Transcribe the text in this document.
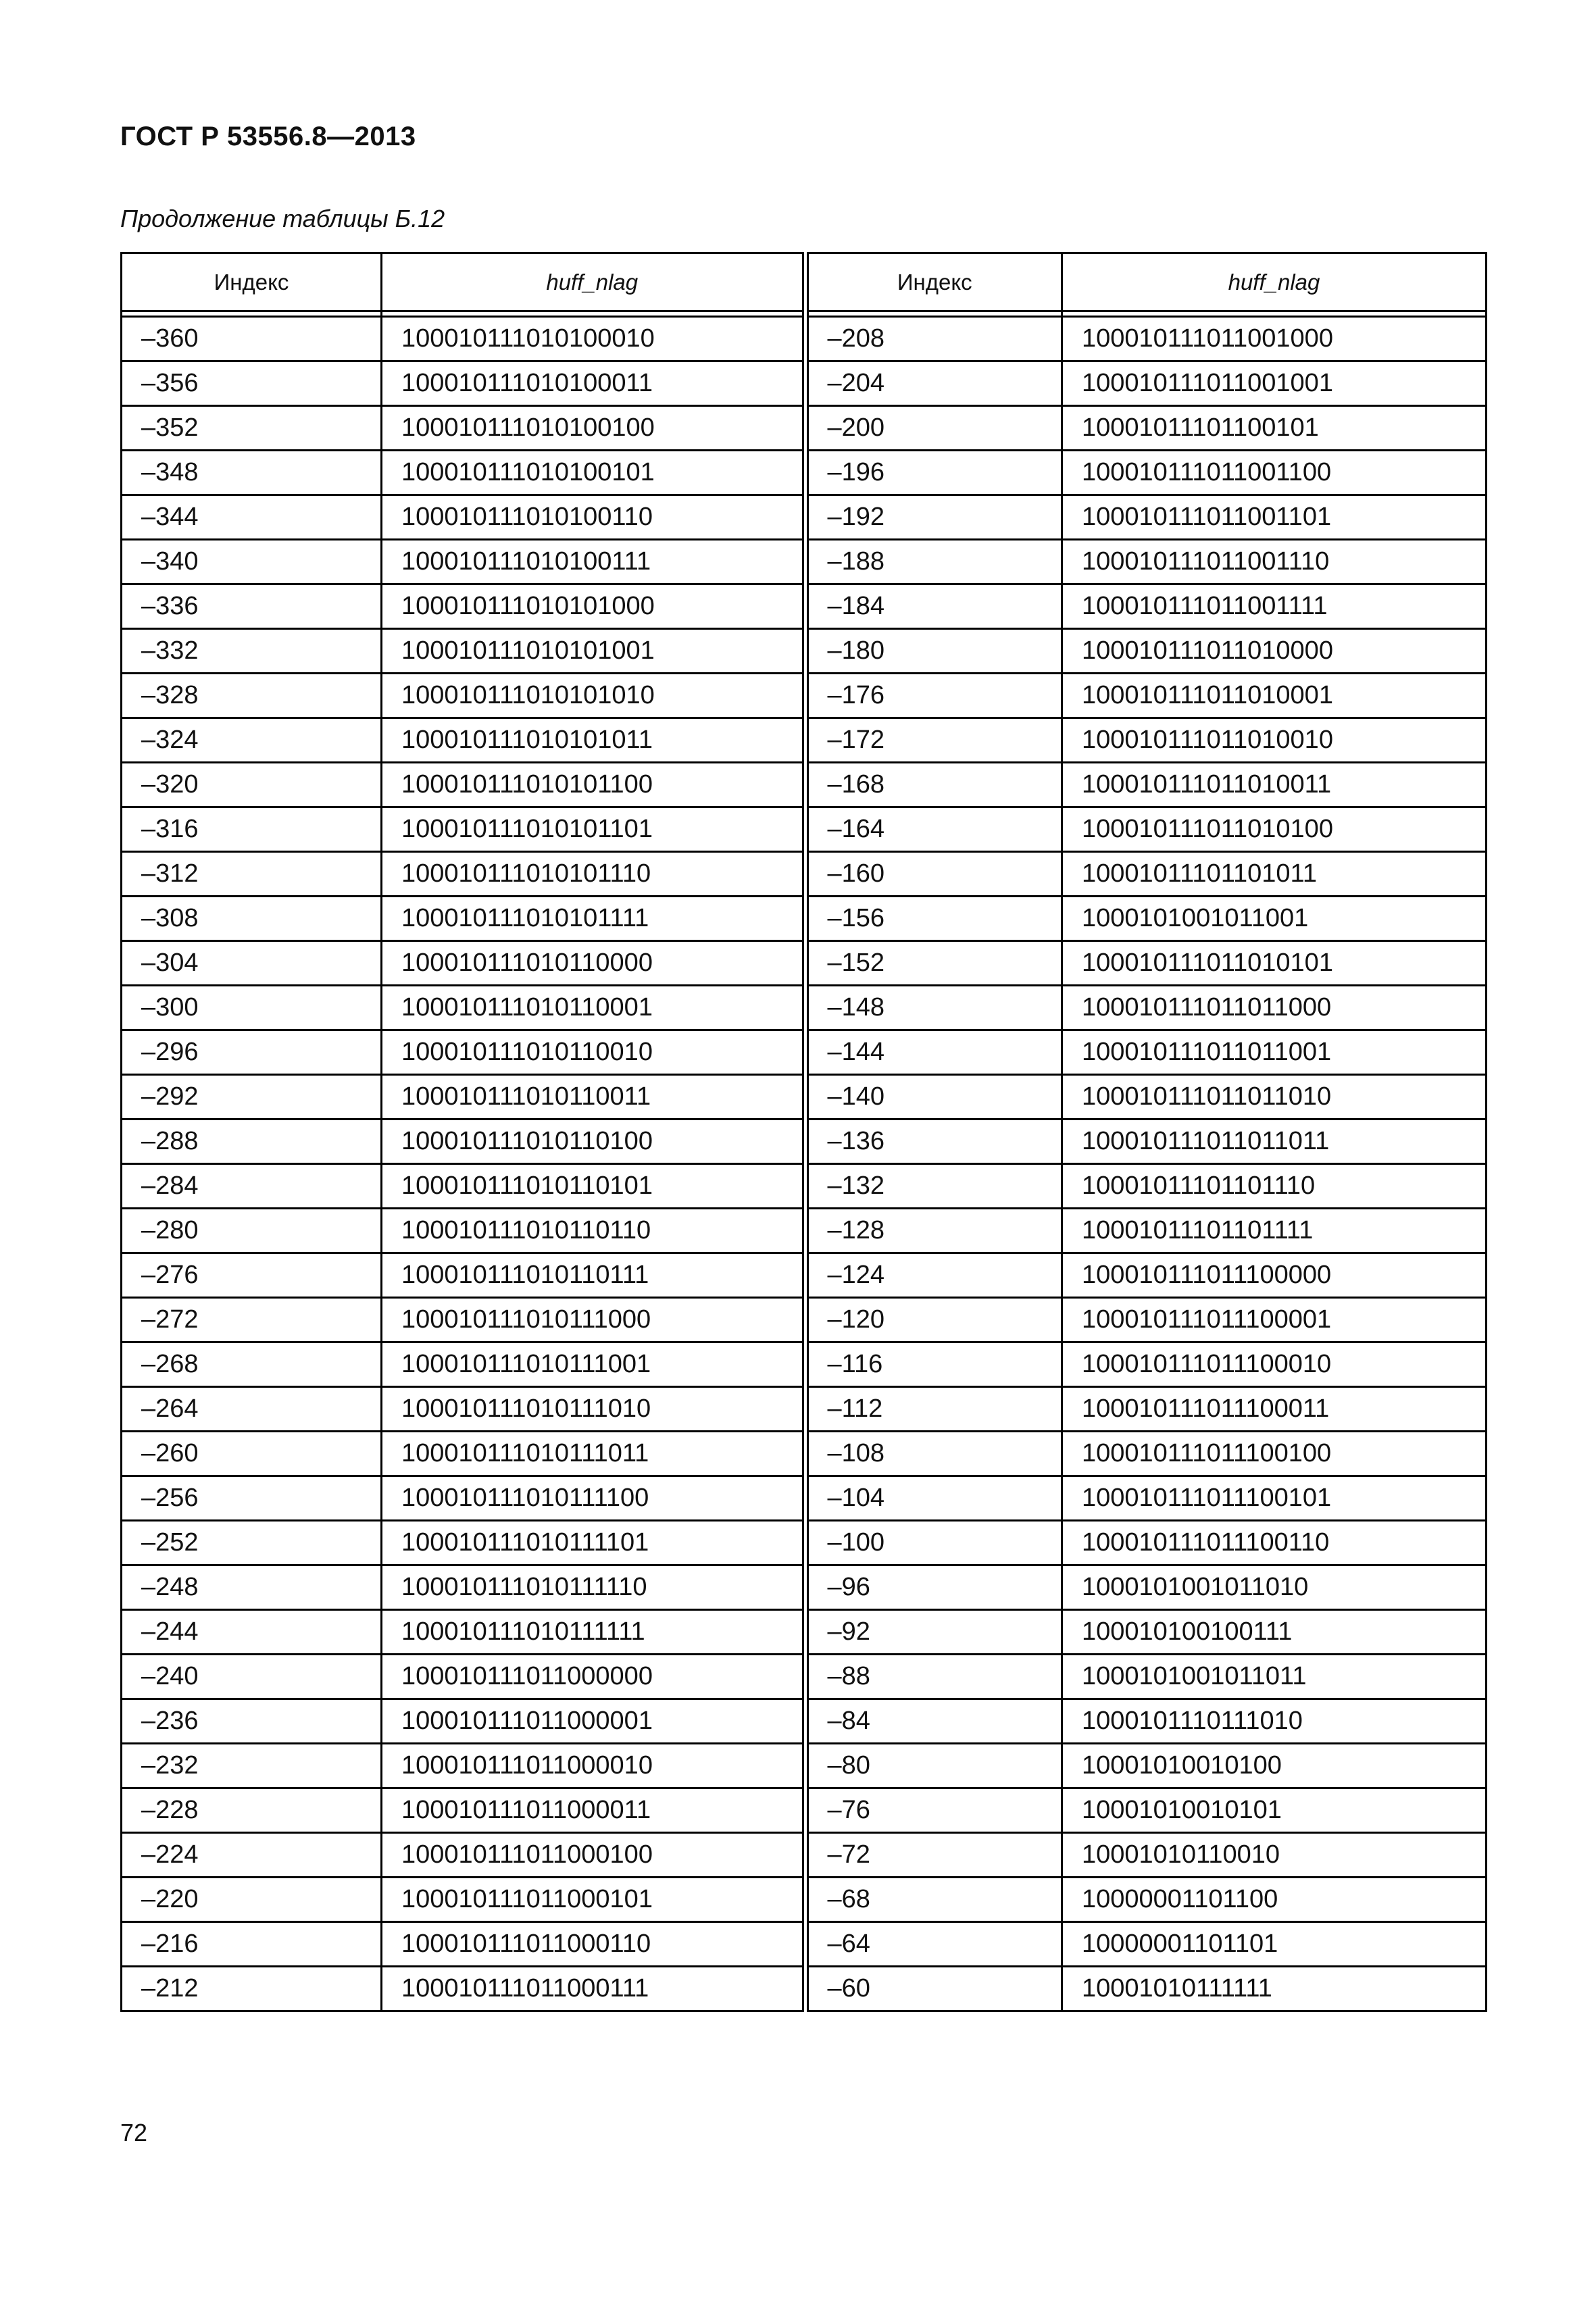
ГОСТ Р 53556.8—2013
Продолжение таблицы Б.12
Индекс	huff_nlag	Индекс	huff_nlag

–360	100010111010100010	–208	100010111011001000
–356	100010111010100011	–204	100010111011001001
–352	100010111010100100	–200	10001011101100101
–348	100010111010100101	–196	100010111011001100
–344	100010111010100110	–192	100010111011001101
–340	100010111010100111	–188	100010111011001110
–336	100010111010101000	–184	100010111011001111
–332	100010111010101001	–180	100010111011010000
–328	100010111010101010	–176	100010111011010001
–324	100010111010101011	–172	100010111011010010
–320	100010111010101100	–168	100010111011010011
–316	100010111010101101	–164	100010111011010100
–312	100010111010101110	–160	10001011101101011
–308	100010111010101111	–156	1000101001011001
–304	100010111010110000	–152	100010111011010101
–300	100010111010110001	–148	100010111011011000
–296	100010111010110010	–144	100010111011011001
–292	100010111010110011	–140	100010111011011010
–288	100010111010110100	–136	100010111011011011
–284	100010111010110101	–132	10001011101101110
–280	100010111010110110	–128	10001011101101111
–276	100010111010110111	–124	100010111011100000
–272	100010111010111000	–120	100010111011100001
–268	100010111010111001	–116	100010111011100010
–264	100010111010111010	–112	100010111011100011
–260	100010111010111011	–108	100010111011100100
–256	100010111010111100	–104	100010111011100101
–252	100010111010111101	–100	100010111011100110
–248	100010111010111110	–96	1000101001011010
–244	100010111010111111	–92	100010100100111
–240	100010111011000000	–88	1000101001011011
–236	100010111011000001	–84	1000101110111010
–232	100010111011000010	–80	10001010010100
–228	100010111011000011	–76	10001010010101
–224	100010111011000100	–72	10001010110010
–220	100010111011000101	–68	10000001101100
–216	100010111011000110	–64	10000001101101
–212	100010111011000111	–60	10001010111111
72
